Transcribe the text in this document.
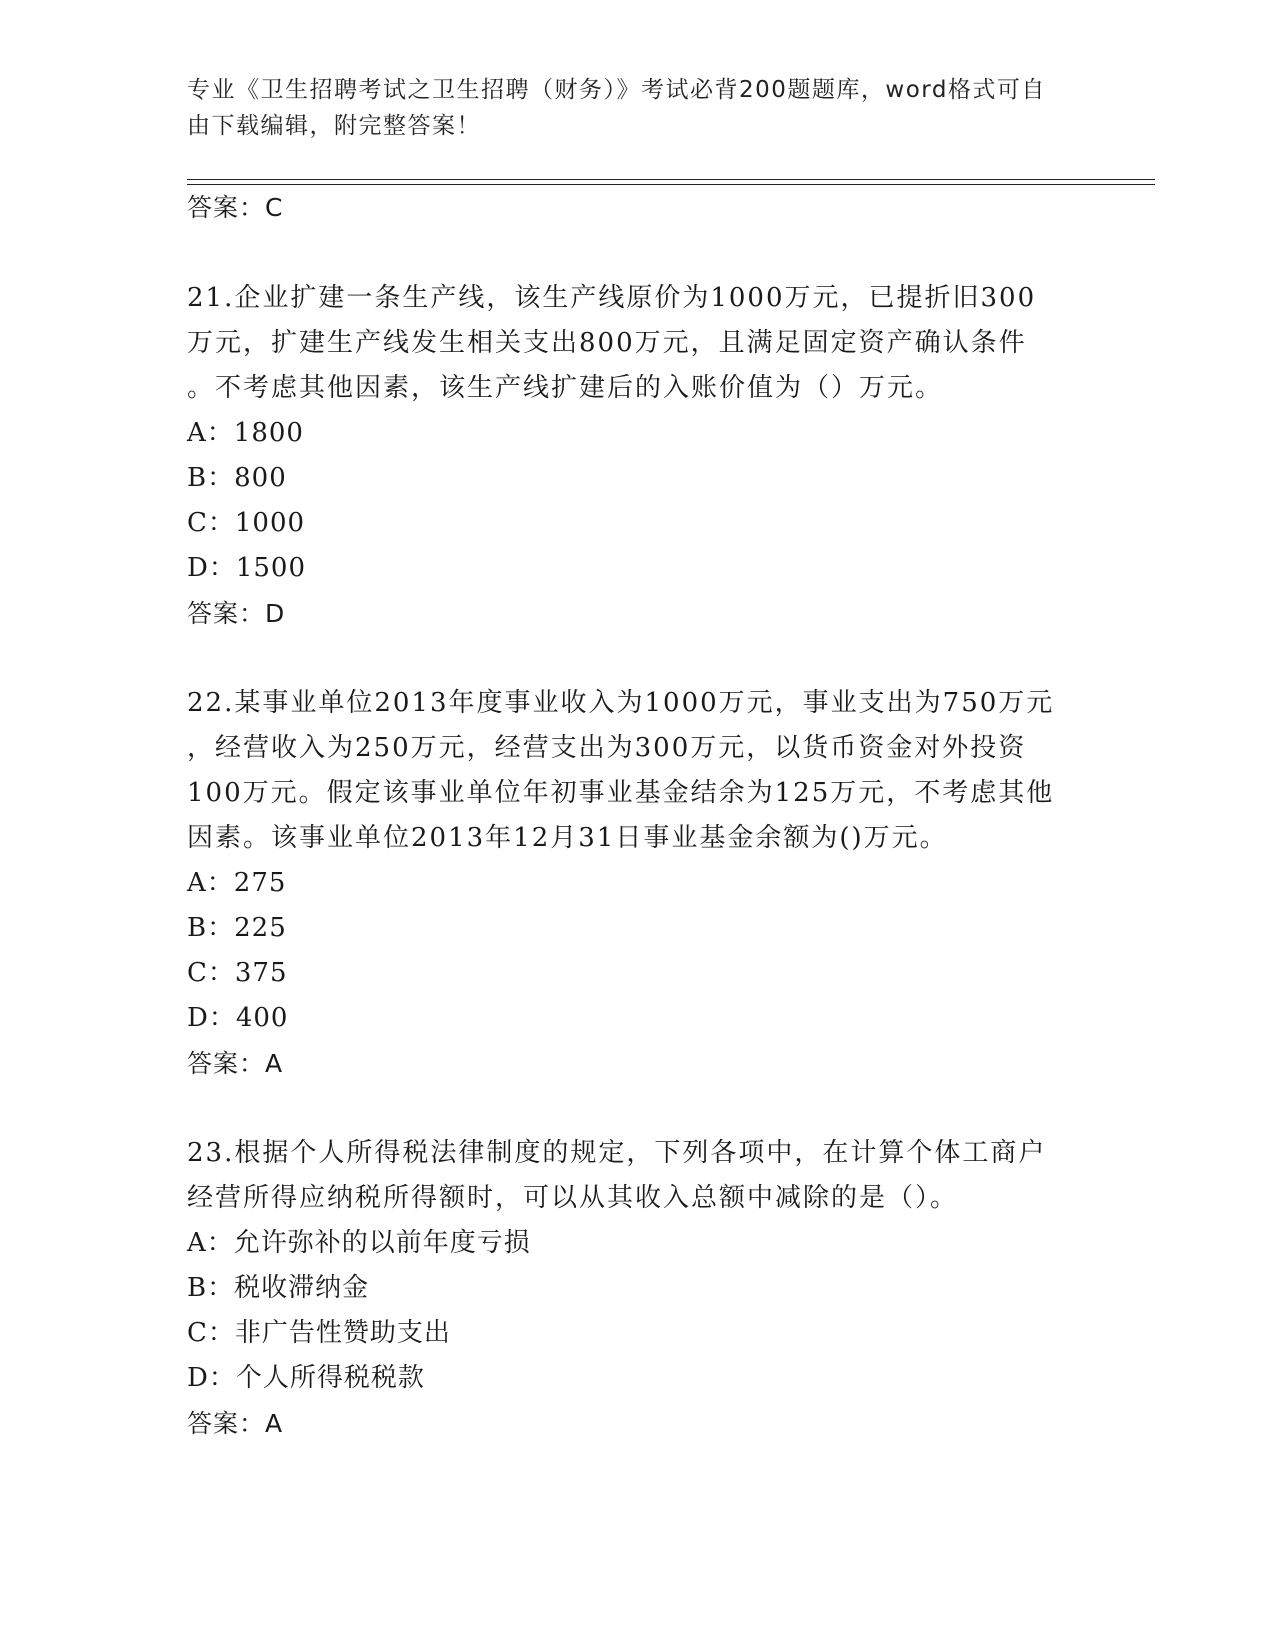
专业《卫生招聘考试之卫生招聘（财务）》考试必背200题题库，word格式可自
由下载编辑，附完整答案！
答案：C
21.企业扩建一条生产线，该生产线原价为1000万元，已提折旧300
万元，扩建生产线发生相关支出800万元，且满足固定资产确认条件
。不考虑其他因素，该生产线扩建后的入账价值为（）万元。
A：1800
B：800
C：1000
D：1500
答案：D
22.某事业单位2013年度事业收入为1000万元，事业支出为750万元
，经营收入为250万元，经营支出为300万元，以货币资金对外投资
100万元。假定该事业单位年初事业基金结余为125万元，不考虑其他
因素。该事业单位2013年12月31日事业基金余额为()万元。
A：275
B：225
C：375
D：400
答案：A
23.根据个人所得税法律制度的规定，下列各项中，在计算个体工商户
经营所得应纳税所得额时，可以从其收入总额中减除的是（）。
A：允许弥补的以前年度亏损
B：税收滞纳金
C：非广告性赞助支出
D：个人所得税税款
答案：A
